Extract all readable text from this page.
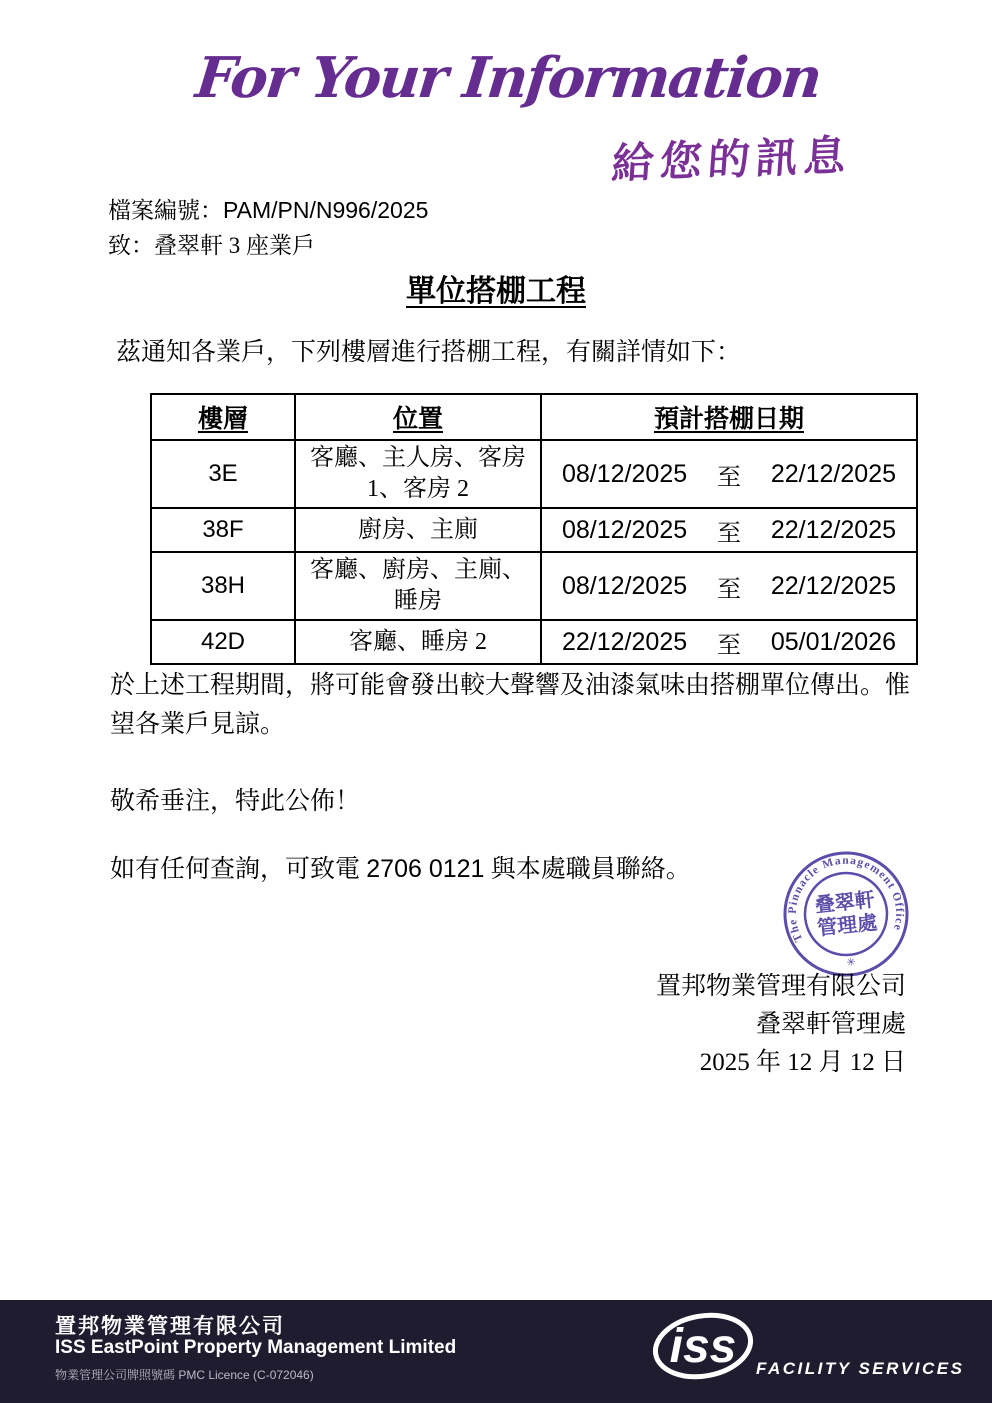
For Your Information
給您的訊息
檔案編號：PAM/PN/N996/2025
致：叠翠軒 3 座業戶
單位搭棚工程
茲通知各業戶，下列樓層進行搭棚工程，有關詳情如下：
樓層	位置	預計搭棚日期
3E	客廳、主人房、客房 1、客房 2	08/12/2025 至 22/12/2025

38F	廚房、主廁	08/12/2025 至 22/12/2025

38H	客廳、廚房、主廁、睡房	08/12/2025 至 22/12/2025

42D	客廳、睡房 2	22/12/2025 至 05/01/2026
於上述工程期間，將可能會發出較大聲響及油漆氣味由搭棚單位傳出。惟望各業戶見諒。
敬希垂注，特此公佈！
如有任何查詢，可致電 2706 0121 與本處職員聯絡。
The Pinnacle Management Office
叠翠軒
管理處
✳
置邦物業管理有限公司
叠翠軒管理處
2025 年 12 月 12 日
置邦物業管理有限公司
ISS EastPoint Property Management Limited
物業管理公司牌照號碼 PMC Licence (C-072046)
iss FACILITY SERVICES
